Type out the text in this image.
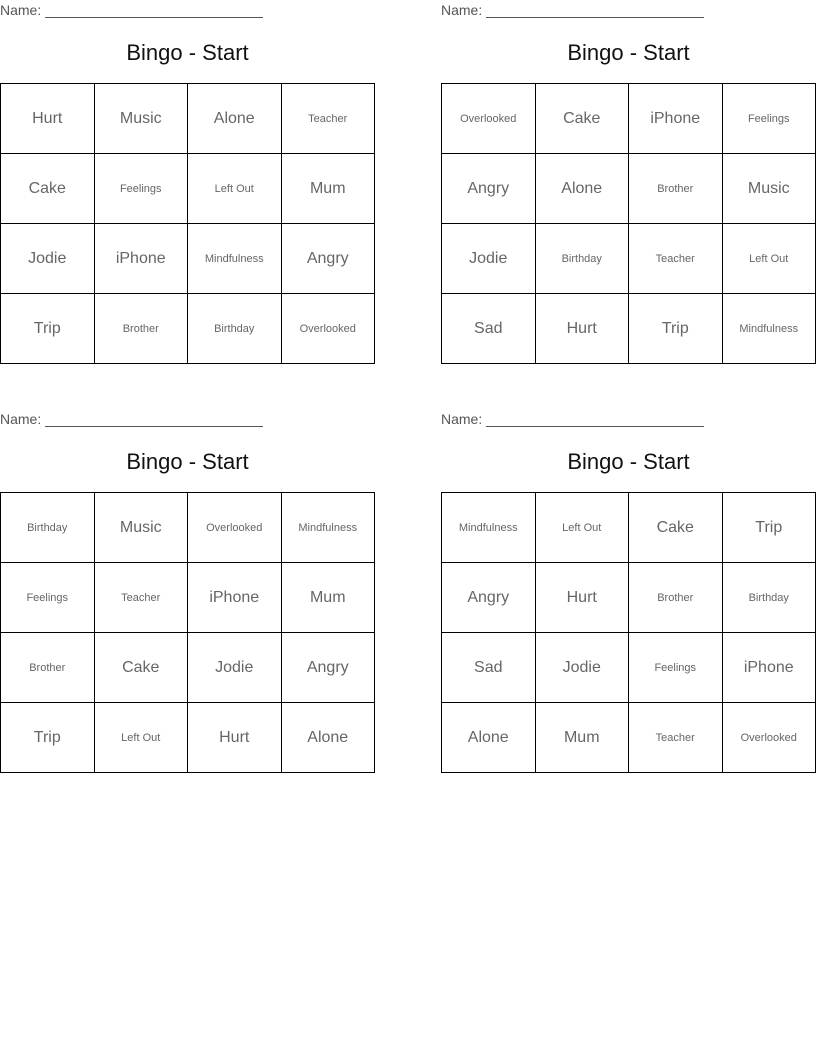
Name:
Bingo - Start
Hurt	Music	Alone	Teacher
Cake	Feelings	Left Out	Mum
Jodie	iPhone	Mindfulness	Angry
Trip	Brother	Birthday	Overlooked
Name:
Bingo - Start
Overlooked	Cake	iPhone	Feelings
Angry	Alone	Brother	Music
Jodie	Birthday	Teacher	Left Out
Sad	Hurt	Trip	Mindfulness
Name:
Bingo - Start
Birthday	Music	Overlooked	Mindfulness
Feelings	Teacher	iPhone	Mum
Brother	Cake	Jodie	Angry
Trip	Left Out	Hurt	Alone
Name:
Bingo - Start
Mindfulness	Left Out	Cake	Trip
Angry	Hurt	Brother	Birthday
Sad	Jodie	Feelings	iPhone
Alone	Mum	Teacher	Overlooked
